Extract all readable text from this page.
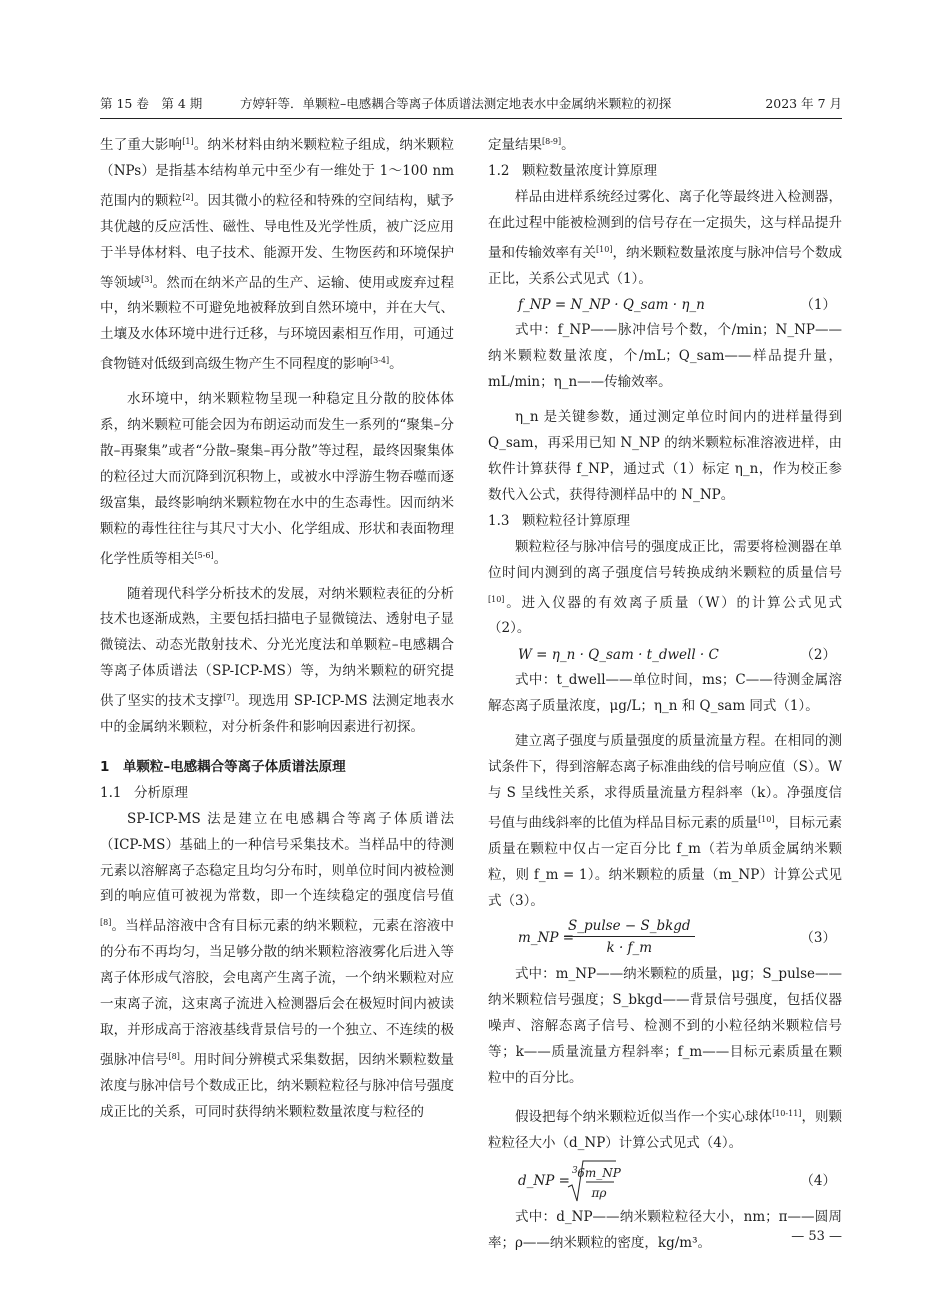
第 15 卷　第 4 期	方婷轩等．单颗粒–电感耦合等离子体质谱法测定地表水中金属纳米颗粒的初探	2023 年 7 月

生了重大影响[1]。纳米材料由纳米颗粒粒子组成，纳米颗粒（NPs）是指基本结构单元中至少有一维处于 1～100 nm 范围内的颗粒[2]。因其微小的粒径和特殊的空间结构，赋予其优越的反应活性、磁性、导电性及光学性质，被广泛应用于半导体材料、电子技术、能源开发、生物医药和环境保护等领域[3]。然而在纳米产品的生产、运输、使用或废弃过程中，纳米颗粒不可避免地被释放到自然环境中，并在大气、土壤及水体环境中进行迁移，与环境因素相互作用，可通过食物链对低级到高级生物产生不同程度的影响[3-4]。

水环境中，纳米颗粒物呈现一种稳定且分散的胶体体系，纳米颗粒可能会因为布朗运动而发生一系列的“聚集–分散–再聚集”或者“分散–聚集–再分散”等过程，最终因聚集体的粒径过大而沉降到沉积物上，或被水中浮游生物吞噬而逐级富集，最终影响纳米颗粒物在水中的生态毒性。因而纳米颗粒的毒性往往与其尺寸大小、化学组成、形状和表面物理化学性质等相关[5-6]。

随着现代科学分析技术的发展，对纳米颗粒表征的分析技术也逐渐成熟，主要包括扫描电子显微镜法、透射电子显微镜法、动态光散射技术、分光光度法和单颗粒–电感耦合等离子体质谱法（SP-ICP-MS）等，为纳米颗粒的研究提供了坚实的技术支撑[7]。现选用 SP-ICP-MS 法测定地表水中的金属纳米颗粒，对分析条件和影响因素进行初探。

1　单颗粒–电感耦合等离子体质谱法原理
1.1 分析原理

SP-ICP-MS 法是建立在电感耦合等离子体质谱法（ICP-MS）基础上的一种信号采集技术。当样品中的待测元素以溶解离子态稳定且均匀分布时，则单位时间内被检测到的响应值可被视为常数，即一个连续稳定的强度信号值[8]。当样品溶液中含有目标元素的纳米颗粒，元素在溶液中的分布不再均匀，当足够分散的纳米颗粒溶液雾化后进入等离子体形成气溶胶，会电离产生离子流，一个纳米颗粒对应一束离子流，这束离子流进入检测器后会在极短时间内被读取，并形成高于溶液基线背景信号的一个独立、不连续的极强脉冲信号[8]。用时间分辨模式采集数据，因纳米颗粒数量浓度与脉冲信号个数成正比，纳米颗粒粒径与脉冲信号强度成正比的关系，可同时获得纳米颗粒数量浓度与粒径的

定量结果[8-9]。

1.2 颗粒数量浓度计算原理

样品由进样系统经过雾化、离子化等最终进入检测器，在此过程中能被检测到的信号存在一定损失，这与样品提升量和传输效率有关[10]，纳米颗粒数量浓度与脉冲信号个数成正比，关系公式见式（1）。

f_NP = N_NP · Q_sam · η_n	（1）

式中：f_NP——脉冲信号个数，个/min；N_NP——纳米颗粒数量浓度，个/mL；Q_sam——样品提升量，mL/min；η_n——传输效率。

η_n 是关键参数，通过测定单位时间内的进样量得到 Q_sam，再采用已知 N_NP 的纳米颗粒标准溶液进样，由软件计算获得 f_NP，通过式（1）标定 η_n，作为校正参数代入公式，获得待测样品中的 N_NP。

1.3 颗粒粒径计算原理

颗粒粒径与脉冲信号的强度成正比，需要将检测器在单位时间内测到的离子强度信号转换成纳米颗粒的质量信号[10]。进入仪器的有效离子质量（W）的计算公式见式（2）。

W = η_n · Q_sam · t_dwell · C	（2）

式中：t_dwell——单位时间，ms；C——待测金属溶解态离子质量浓度，μg/L；η_n 和 Q_sam 同式（1）。

建立离子强度与质量强度的质量流量方程。在相同的测试条件下，得到溶解态离子标准曲线的信号响应值（S）。W 与 S 呈线性关系，求得质量流量方程斜率（k）。净强度信号值与曲线斜率的比值为样品目标元素的质量[10]，目标元素质量在颗粒中仅占一定百分比 f_m（若为单质金属纳米颗粒，则 f_m = 1）。纳米颗粒的质量（m_NP）计算公式见式（3）。

m_NP =
S_pulse − S_bkgd
k · f_m
（3）

式中：m_NP——纳米颗粒的质量，μg；S_pulse——纳米颗粒信号强度；S_bkgd——背景信号强度，包括仪器噪声、溶解态离子信号、检测不到的小粒径纳米颗粒信号等；k——质量流量方程斜率；f_m——目标元素质量在颗粒中的百分比。

假设把每个纳米颗粒近似当作一个实心球体[10-11]，则颗粒粒径大小（d_NP）计算公式见式（4）。

d_NP =
3 6m_NP
πρ
（4）

式中：d_NP——纳米颗粒粒径大小，nm；π——圆周率；ρ——纳米颗粒的密度，kg/m³。	— 53 —
